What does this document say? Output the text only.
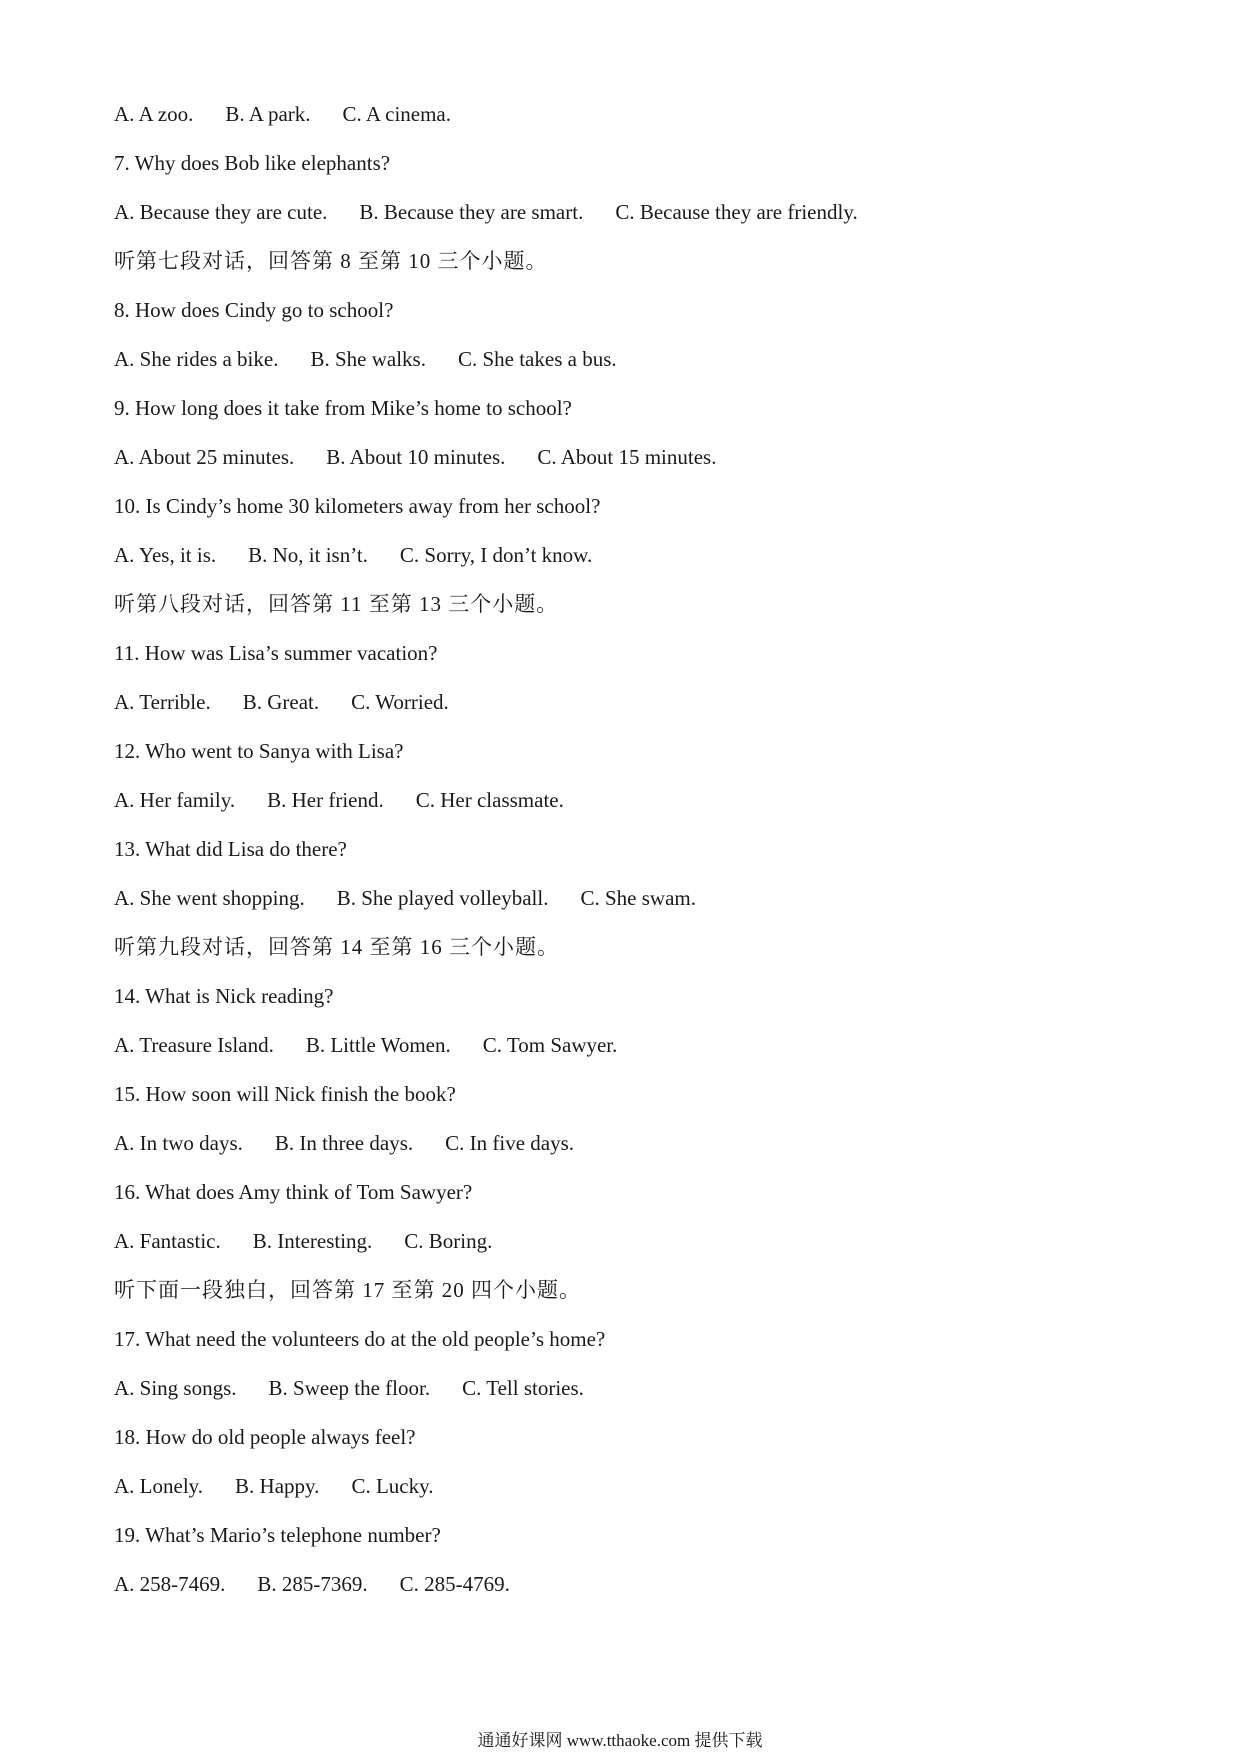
A. A zoo. B. A park. C. A cinema.
7. Why does Bob like elephants?
A. Because they are cute. B. Because they are smart. C. Because they are friendly.
听第七段对话，回答第 8 至第 10 三个小题。
8. How does Cindy go to school?
A. She rides a bike. B. She walks. C. She takes a bus.
9. How long does it take from Mike’s home to school?
A. About 25 minutes. B. About 10 minutes. C. About 15 minutes.
10. Is Cindy’s home 30 kilometers away from her school?
A. Yes, it is. B. No, it isn’t. C. Sorry, I don’t know.
听第八段对话，回答第 11 至第 13 三个小题。
11. How was Lisa’s summer vacation?
A. Terrible. B. Great. C. Worried.
12. Who went to Sanya with Lisa?
A. Her family. B. Her friend. C. Her classmate.
13. What did Lisa do there?
A. She went shopping. B. She played volleyball. C. She swam.
听第九段对话，回答第 14 至第 16 三个小题。
14. What is Nick reading?
A. Treasure Island. B. Little Women. C. Tom Sawyer.
15. How soon will Nick finish the book?
A. In two days. B. In three days. C. In five days.
16. What does Amy think of Tom Sawyer?
A. Fantastic. B. Interesting. C. Boring.
听下面一段独白，回答第 17 至第 20 四个小题。
17. What need the volunteers do at the old people’s home?
A. Sing songs. B. Sweep the floor. C. Tell stories.
18. How do old people always feel?
A. Lonely. B. Happy. C. Lucky.
19. What’s Mario’s telephone number?
A. 258-7469. B. 285-7369. C. 285-4769.
通通好课网 www.tthaoke.com 提供下载
